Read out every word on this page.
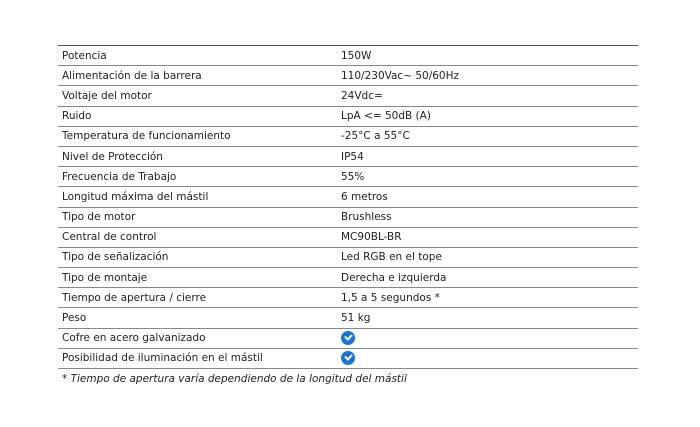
Potencia	150W
Alimentación de la barrera	110/230Vac~ 50/60Hz
Voltaje del motor	24Vdc=
Ruido	LpA <= 50dB (A)
Temperatura de funcionamiento	-25°C a 55°C
Nivel de Protección	IP54
Frecuencia de Trabajo	55%
Longitud máxima del mástil	6 metros
Tipo de motor	Brushless
Central de control	MC90BL-BR
Tipo de señalización	Led RGB en el tope
Tipo de montaje	Derecha e izquierda
Tiempo de apertura / cierre	1,5 a 5 segundos *
Peso	51 kg
Cofre en acero galvanizado
Posibilidad de iluminación en el mástil
* Tiempo de apertura varía dependiendo de la longitud del mástil
